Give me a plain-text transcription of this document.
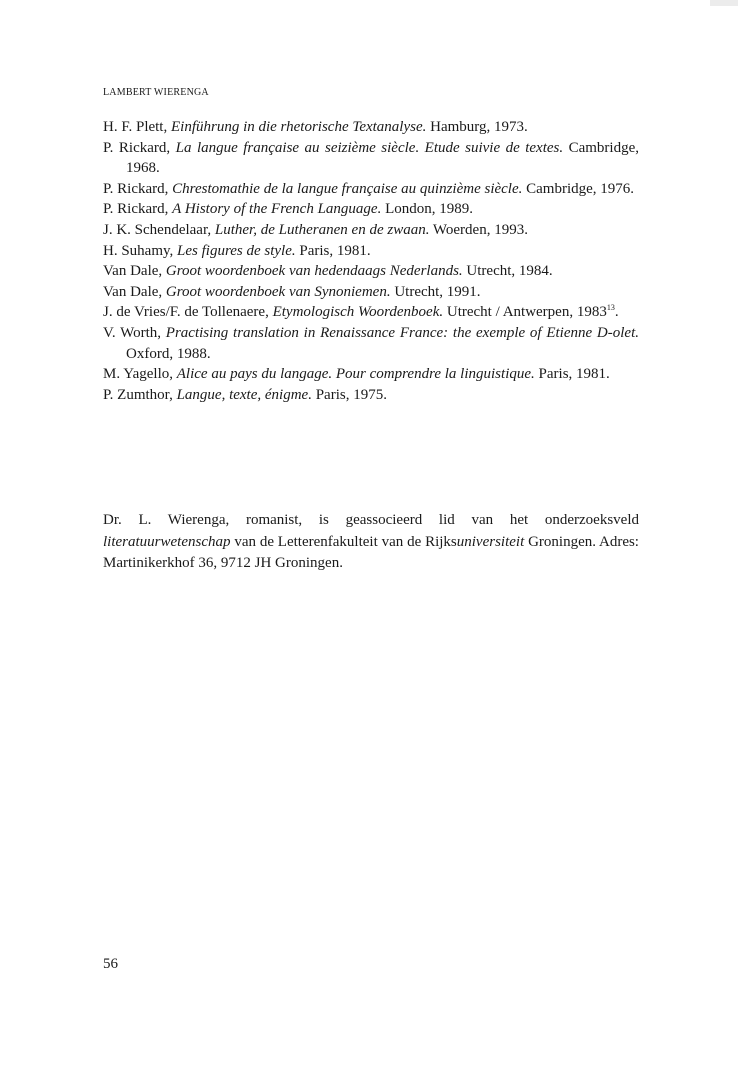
LAMBERT WIERENGA
H. F. Plett, Einführung in die rhetorische Textanalyse. Hamburg, 1973.
P. Rickard, La langue française au seizième siècle. Etude suivie de textes. Cambridge, 1968.
P. Rickard, Chrestomathie de la langue française au quinzième siècle. Cambridge, 1976.
P. Rickard, A History of the French Language. London, 1989.
J. K. Schendelaar, Luther, de Lutheranen en de zwaan. Woerden, 1993.
H. Suhamy, Les figures de style. Paris, 1981.
Van Dale, Groot woordenboek van hedendaags Nederlands. Utrecht, 1984.
Van Dale, Groot woordenboek van Synoniemen. Utrecht, 1991.
J. de Vries/F. de Tollenaere, Etymologisch Woordenboek. Utrecht / Antwerpen, 1983$^{13}$.
V. Worth, Practising translation in Renaissance France: the exemple of Etienne D-olet. Oxford, 1988.
M. Yagello, Alice au pays du langage. Pour comprendre la linguistique. Paris, 1981.
P. Zumthor, Langue, texte, énigme. Paris, 1975.
Dr. L. Wierenga, romanist, is geassocieerd lid van het onderzoeksveld literatuurwetenschap van de Letterenfakulteit van de Rijksuniversiteit Groningen. Adres: Martinikerkhof 36, 9712 JH Groningen.
56
